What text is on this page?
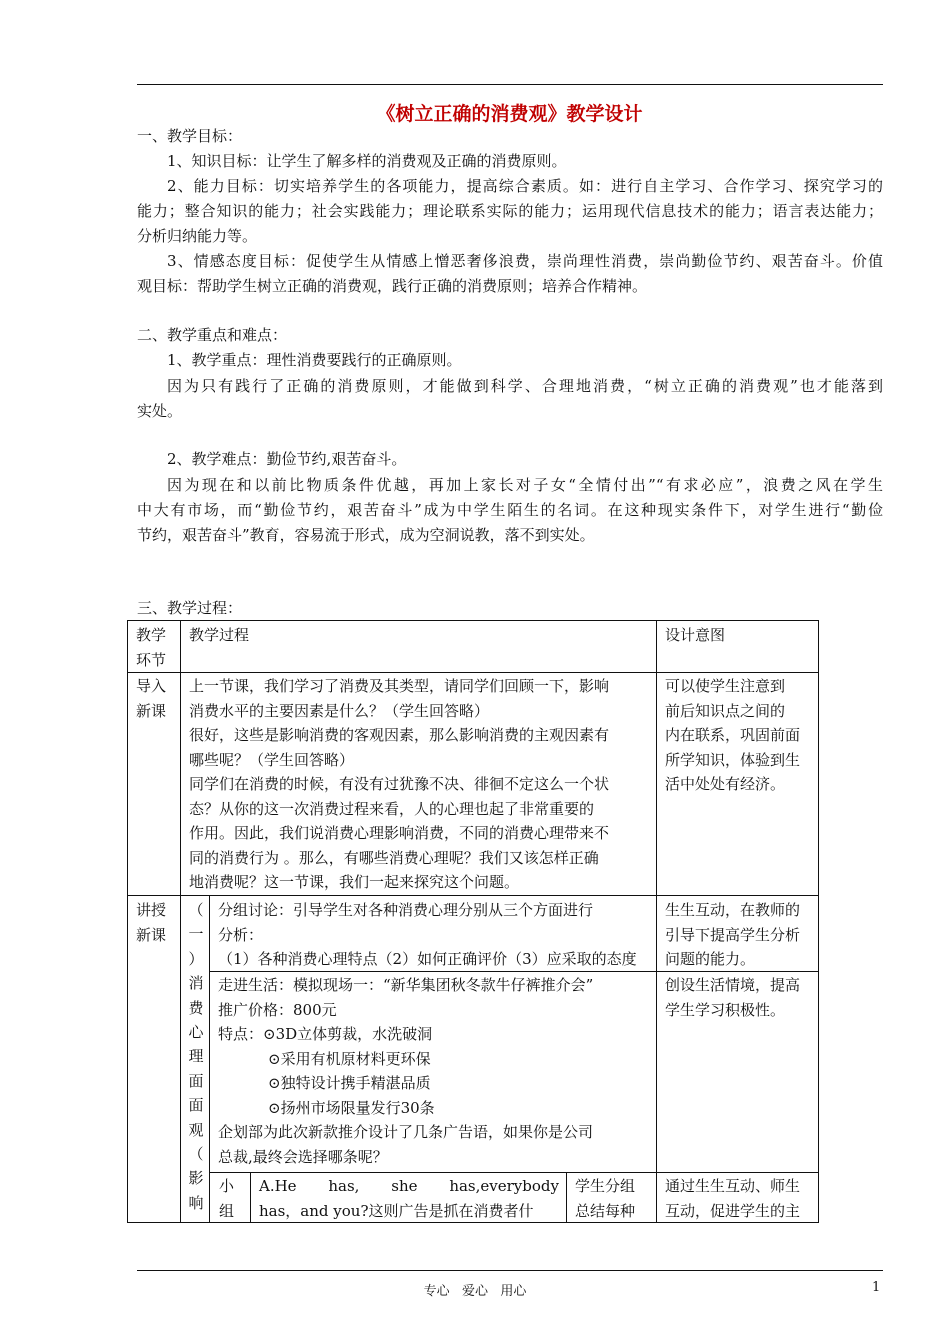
《树立正确的消费观》教学设计
一、教学目标：
1、知识目标：让学生了解多样的消费观及正确的消费原则。

2、能力目标：切实培养学生的各项能力，提高综合素质。如：进行自主学习、合作学习、探究学习的

能力；整合知识的能力；社会实践能力；理论联系实际的能力；运用现代信息技术的能力；语言表达能力；

分析归纳能力等。

3、情感态度目标：促使学生从情感上憎恶奢侈浪费，崇尚理性消费，崇尚勤俭节约、艰苦奋斗。价值

观目标：帮助学生树立正确的消费观，践行正确的消费原则；培养合作精神。

二、教学重点和难点：
1、教学重点：理性消费要践行的正确原则。

因为只有践行了正确的消费原则，才能做到科学、合理地消费，“树立正确的消费观”也才能落到

实处。

2、教学难点：勤俭节约,艰苦奋斗。

因为现在和以前比物质条件优越，再加上家长对子女“全情付出”“有求必应”，浪费之风在学生

中大有市场，而“勤俭节约，艰苦奋斗”成为中学生陌生的名词。在这种现实条件下，对学生进行“勤俭

节约，艰苦奋斗”教育，容易流于形式，成为空洞说教，落不到实处。

三、教学过程：

教学

环节

教学过程	设计意图

导入

新课

上一节课，我们学习了消费及其类型，请同学们回顾一下，影响

消费水平的主要因素是什么？（学生回答略）

很好，这些是影响消费的客观因素，那么影响消费的主观因素有

哪些呢？（学生回答略）

同学们在消费的时候，有没有过犹豫不决、徘徊不定这么一个状

态？从你的这一次消费过程来看，人的心理也起了非常重要的

作用。因此，我们说消费心理影响消费，不同的消费心理带来不

同的消费行为 。那么，有哪些消费心理呢？我们又该怎样正确

地消费呢？这一节课，我们一起来探究这个问题。

可以使学生注意到

前后知识点之间的

内在联系，巩固前面

所学知识，体验到生

活中处处有经济。

讲授

新课

（

一

）

消

费

心

理

面

面

观

（

影

响

分组讨论：引导学生对各种消费心理分别从三个方面进行

分析：

（1）各种消费心理特点（2）如何正确评价（3）应采取的态度

生生互动，在教师的

引导下提高学生分析

问题的能力。

走进生活：模拟现场一：“新华集团秋冬款牛仔裤推介会”

推广价格：800元

特点：⊙3D立体剪裁，水洗破洞

⊙采用有机原材料更环保

⊙独特设计携手精湛品质

⊙扬州市场限量发行30条

企划部为此次新款推介设计了几条广告语，如果你是公司

总裁,最终会选择哪条呢？

创设生活情境，提高

学生学习积极性。

小

组

A.He has, she has,everybody

has，and you?这则广告是抓在消费者什

学生分组

总结每种

通过生生互动、师生

互动，促进学生的主

专心   爱心   用心	1
